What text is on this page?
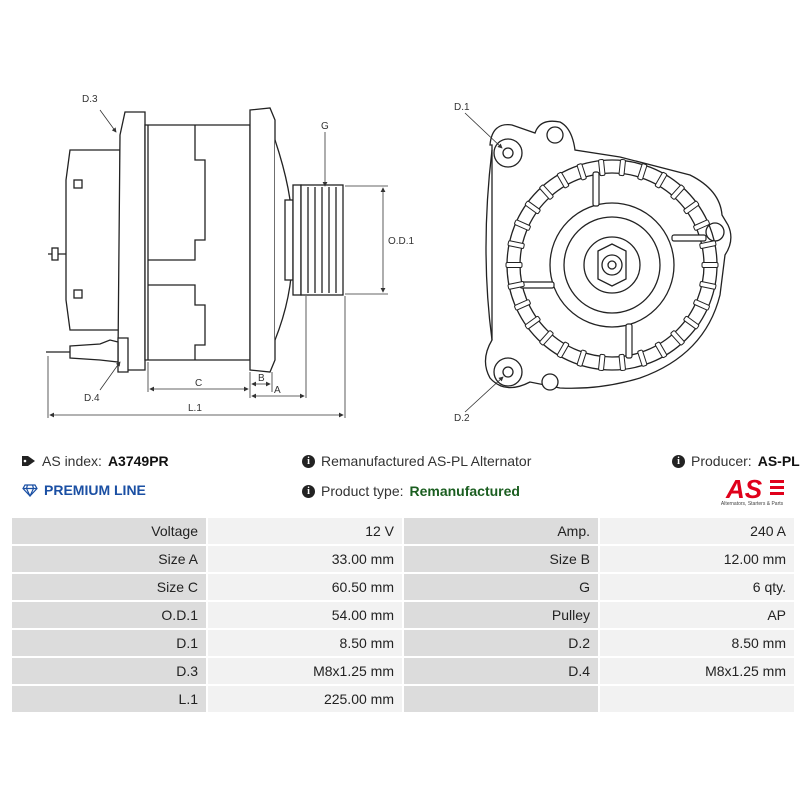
D.3
D.4
G
O.D.1
C	B
A
L.1
D.1
D.2
AS index: A3749PR	i Remanufactured AS-PL Alternator	i Producer: AS-PL
PREMIUM LINE	i Product type: Remanufactured	AS
Alternators, Starters & Parts
Voltage	12 V	Amp.	240 A
Size A	33.00 mm	Size B	12.00 mm
Size C	60.50 mm	G	6 qty.
O.D.1	54.00 mm	Pulley	AP
D.1	8.50 mm	D.2	8.50 mm
D.3	M8x1.25 mm	D.4	M8x1.25 mm
L.1	225.00 mm		
